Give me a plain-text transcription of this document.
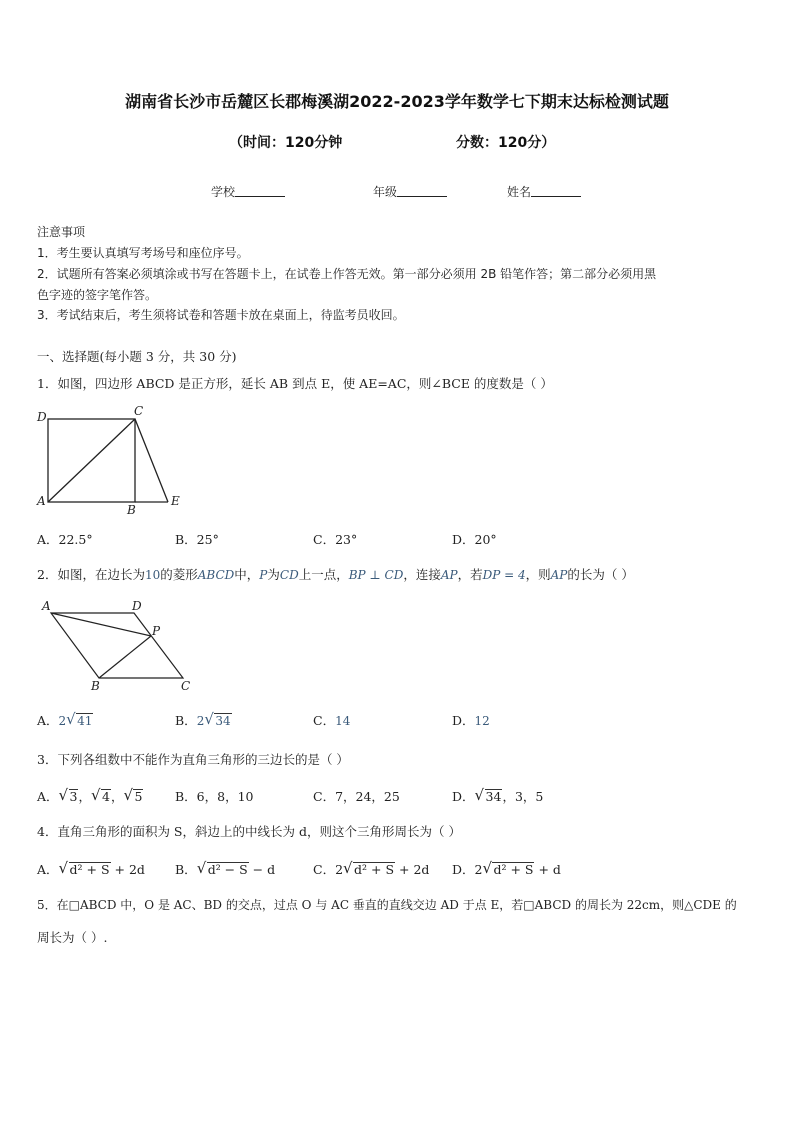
湖南省长沙市岳麓区长郡梅溪湖2022-2023学年数学七下期末达标检测试题
（时间：120分钟	分数：120分）
学校	年级	姓名
注意事项
1．考生要认真填写考场号和座位序号。
2．试题所有答案必须填涂或书写在答题卡上，在试卷上作答无效。第一部分必须用 2B 铅笔作答；第二部分必须用黑
色字迹的签字笔作答。
3．考试结束后，考生须将试卷和答题卡放在桌面上，待监考员收回。
一、选择题(每小题 3 分，共 30 分)
1．如图，四边形 ABCD 是正方形，延长 AB 到点 E，使 AE=AC，则∠BCE 的度数是（ ）
D	C
A
B
E
A．22.5°	B．25°	C．23°	D．20°
2．如图，在边长为10的菱形ABCD中，P为CD上一点，BP ⊥ CD，连接AP，若DP = 4，则AP的长为（ ）
A	D
P
B	C
A．2 √ 41	B．2 √ 34	C．14	D．12
3．下列各组数中不能作为直角三角形的三边长的是（ ）
A． √ 3， √ 4， √ 5	B．6，8，10	C．7，24，25	D． √ 34，3，5
4．直角三角形的面积为 S，斜边上的中线长为 d，则这个三角形周长为（ ）
A． √ d² + S + 2d B． √ d² − S − d	C．2 √ d² + S + 2d D．2 √ d² + S + d
5．在□ABCD 中，O 是 AC、BD 的交点，过点 O 与 AC 垂直的直线交边 AD 于点 E，若□ABCD 的周长为 22cm，则△CDE 的
周长为（ ）.
